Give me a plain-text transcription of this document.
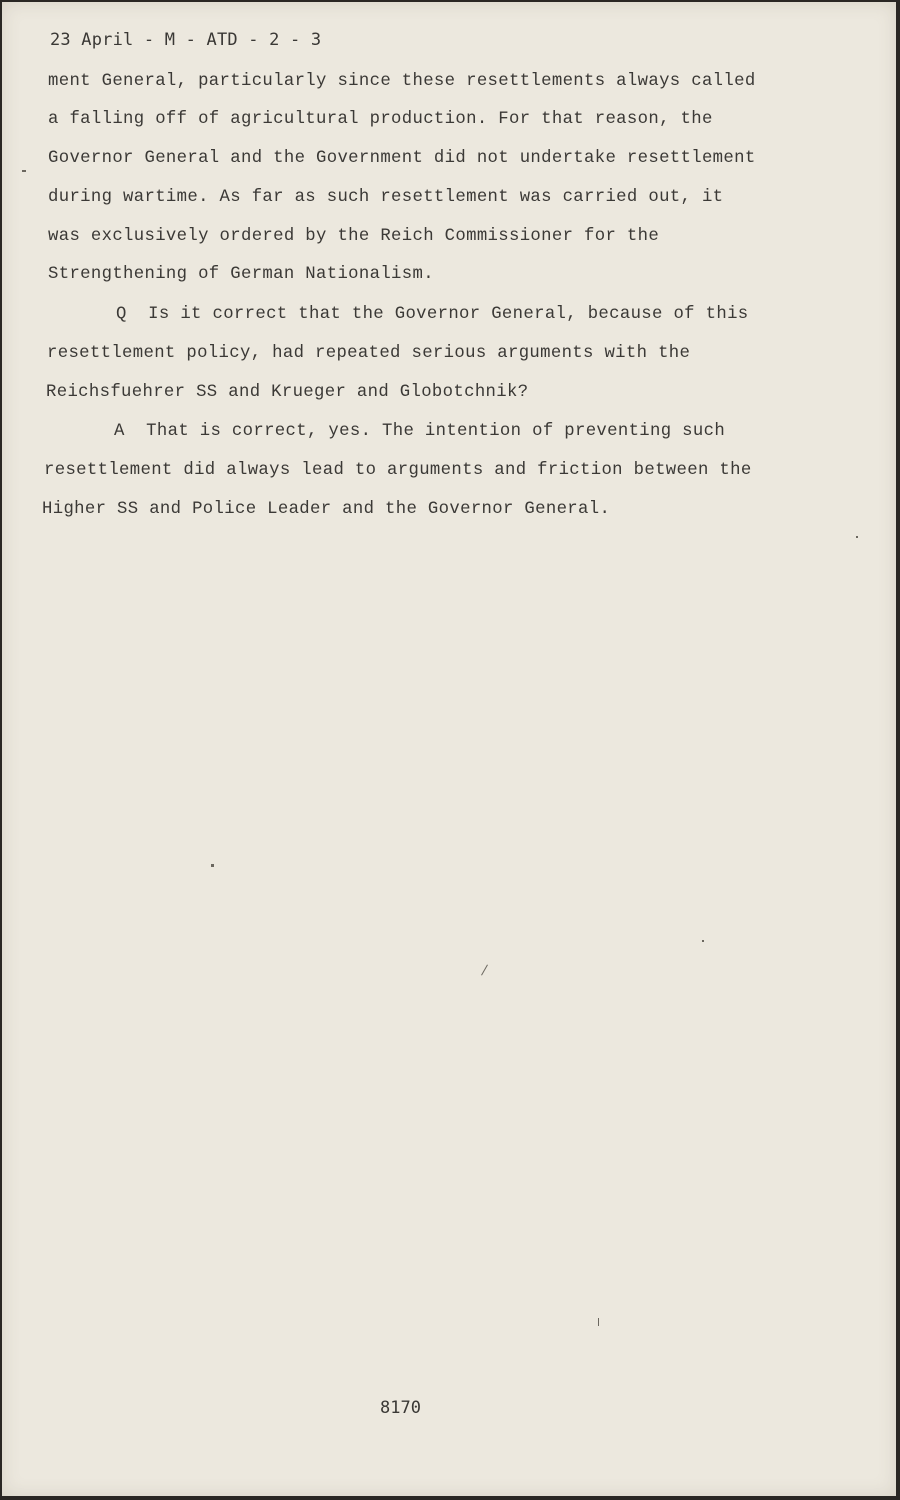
23 April - M - ATD - 2 - 3
ment General, particularly since these resettlements always called
a falling off of agricultural production. For that reason, the
Governor General and the Government did not undertake resettlement
during wartime. As far as such resettlement was carried out, it
was exclusively ordered by the Reich Commissioner for the
Strengthening of German Nationalism.
Q  Is it correct that the Governor General, because of this
resettlement policy, had repeated serious arguments with the
Reichsfuehrer SS and Krueger and Globotchnik?
A  That is correct, yes. The intention of preventing such
resettlement did always lead to arguments and friction between the
Higher SS and Police Leader and the Governor General.
8170
